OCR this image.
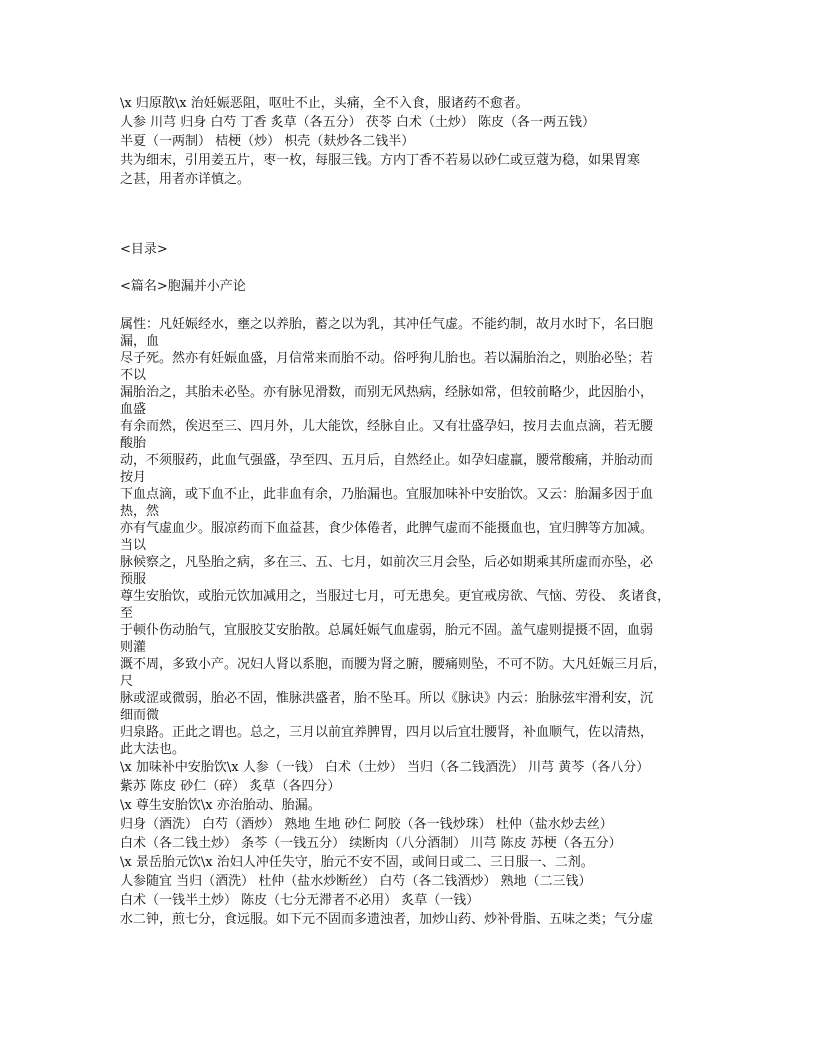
\x 归原散\x 治妊娠恶阻，呕吐不止，头痛，全不入食，服诸药不愈者。
人参 川芎 归身 白芍 丁香 炙草（各五分） 茯苓 白术（土炒） 陈皮（各一两五钱）
半夏（一两制） 桔梗（炒） 枳壳（麸炒各二钱半）
共为细末，引用姜五片，枣一枚，每服三钱。方内丁香不若易以砂仁或豆蔻为稳，如果胃寒
之甚，用者亦详慎之。
<目录>
<篇名>胞漏并小产论
属性：凡妊娠经水，壅之以养胎，蓄之以为乳，其冲任气虚。不能约制，故月水时下，名曰胞
漏，血
尽子死。然亦有妊娠血盛，月信常来而胎不动。俗呼狗儿胎也。若以漏胎治之，则胎必坠；若
不以
漏胎治之，其胎未必坠。亦有脉见滑数，而别无风热病，经脉如常，但较前略少，此因胎小，
血盛
有余而然，俟迟至三、四月外，儿大能饮，经脉自止。又有壮盛孕妇，按月去血点滴，若无腰
酸胎
动，不须服药，此血气强盛，孕至四、五月后，自然经止。如孕妇虚羸，腰常酸痛，并胎动而
按月
下血点滴，或下血不止，此非血有余，乃胎漏也。宜服加味补中安胎饮。又云：胎漏多因于血
热，然
亦有气虚血少。服凉药而下血益甚，食少体倦者，此脾气虚而不能摄血也，宜归脾等方加减。
当以
脉候察之，凡坠胎之病，多在三、五、七月，如前次三月会坠，后必如期乘其所虚而亦坠，必
预服
尊生安胎饮，或胎元饮加减用之，当服过七月，可无患矣。更宜戒房欲、气恼、劳役、 炙诸食，
至
于顿仆伤动胎气，宜服胶艾安胎散。总属妊娠气血虚弱，胎元不固。盖气虚则提摄不固，血弱
则灌
溉不周，多致小产。况妇人肾以系胞，而腰为肾之腑，腰痛则坠，不可不防。大凡妊娠三月后，
尺
脉或涩或微弱，胎必不固，惟脉洪盛者，胎不坠耳。所以《脉诀》内云：胎脉弦牢滑利安，沉
细而微
归泉路。正此之谓也。总之，三月以前宜养脾胃，四月以后宜壮腰肾，补血顺气，佐以清热，
此大法也。
\x 加味补中安胎饮\x 人参（一钱） 白术（土炒） 当归（各二钱酒洗） 川芎 黄芩（各八分）
紫苏 陈皮 砂仁（碎） 炙草（各四分）
\x 尊生安胎饮\x 亦治胎动、胎漏。
归身（酒洗） 白芍（酒炒） 熟地 生地 砂仁 阿胶（各一钱炒珠） 杜仲（盐水炒去丝）
白术（各二钱土炒） 条芩（一钱五分） 续断肉（八分酒制） 川芎 陈皮 苏梗（各五分）
\x 景岳胎元饮\x 治妇人冲任失守，胎元不安不固，或间日或二、三日服一、二剂。
人参随宜 当归（酒洗） 杜仲（盐水炒断丝） 白芍（各二钱酒炒） 熟地（二三钱）
白术（一钱半土炒） 陈皮（七分无滞者不必用） 炙草（一钱）
水二钟，煎七分，食远服。如下元不固而多遗浊者，加炒山药、炒补骨脂、五味之类；气分虚
